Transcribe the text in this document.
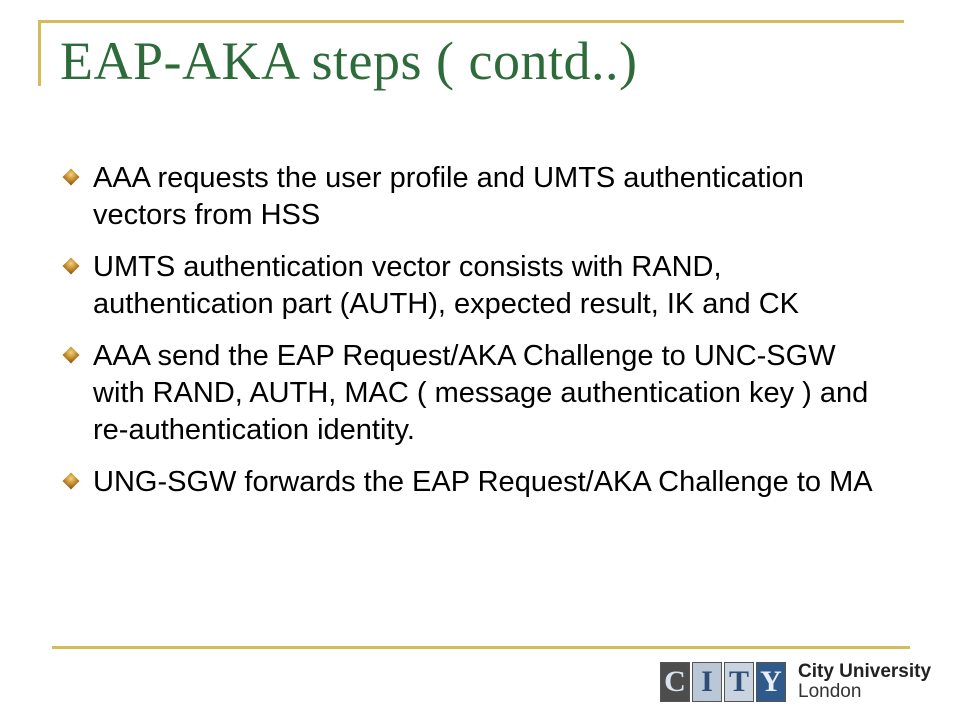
EAP-AKA steps ( contd..)
AAA requests the user profile and UMTS authentication vectors from HSS
UMTS authentication vector consists with RAND, authentication part (AUTH), expected result, IK and CK
AAA send the EAP Request/AKA Challenge to UNC-SGW with RAND, AUTH, MAC ( message authentication key ) and re-authentication identity.
UNG-SGW forwards the EAP Request/AKA Challenge to MA
C I T Y City University
London
